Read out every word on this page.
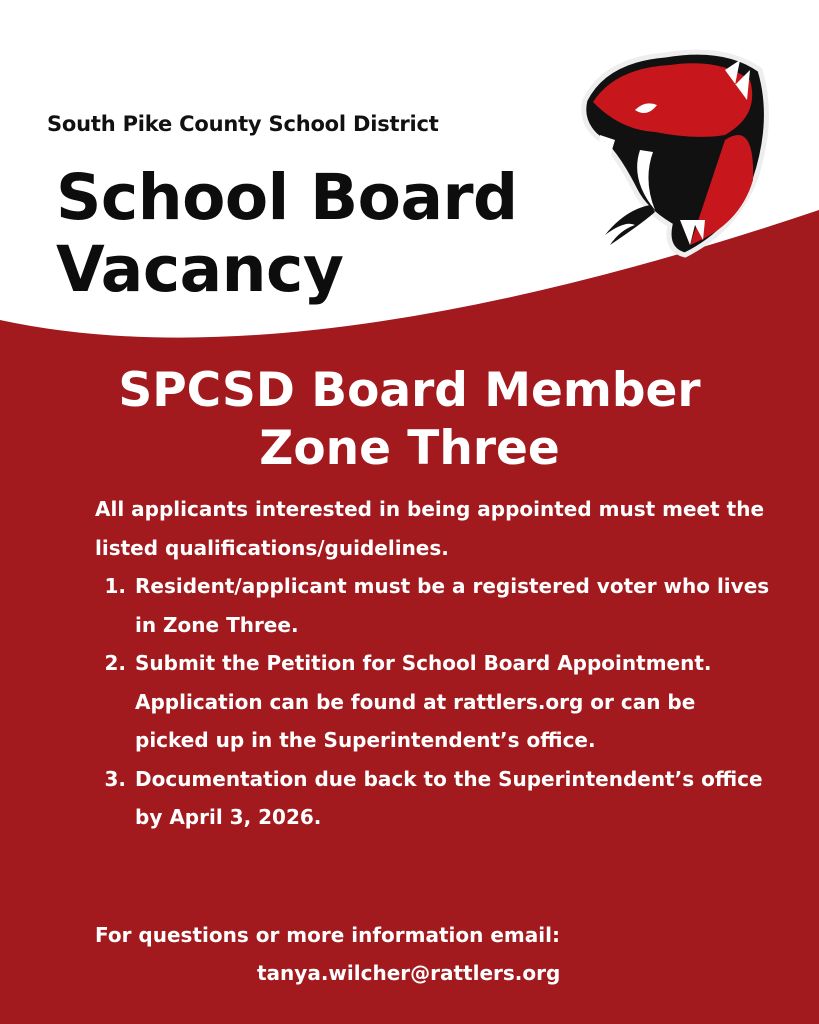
South Pike County School District
School Board
Vacancy
SPCSD Board Member
Zone Three
All applicants interested in being appointed must meet the listed qualifications/guidelines.
1. Resident/applicant must be a registered voter who lives in Zone Three.
2. Submit the Petition for School Board Appointment. Application can be found at rattlers.org or can be picked up in the Superintendent’s office.
3. Documentation due back to the Superintendent’s office by April 3, 2026.
For questions or more information email:
tanya.wilcher@rattlers.org
